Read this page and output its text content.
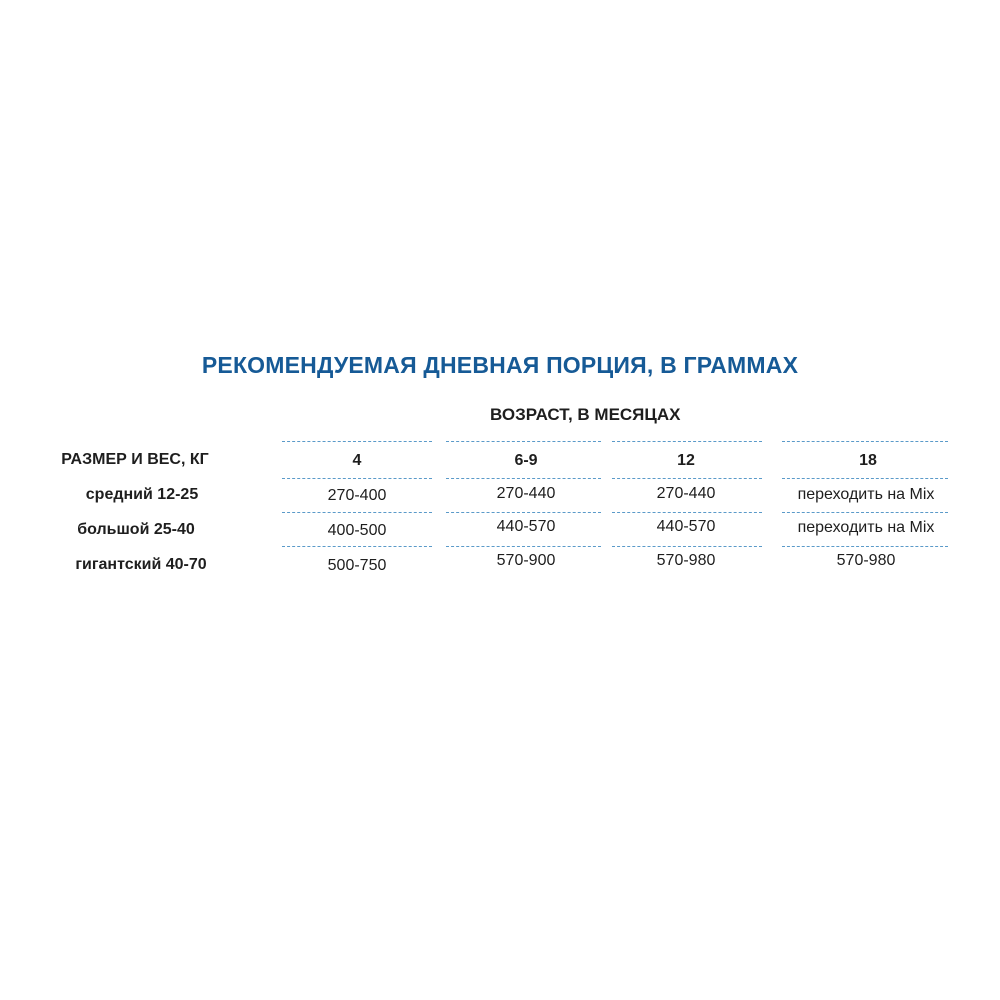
РЕКОМЕНДУЕМАЯ ДНЕВНАЯ ПОРЦИЯ, В ГРАММАХ
ВОЗРАСТ, В МЕСЯЦАХ
РАЗМЕР И ВЕС, КГ	4	6-9	12	18
средний 12-25	270-400	270-440	270-440	переходить на Mix
большой 25-40	400-500	440-570	440-570	переходить на Mix
гигантский 40-70	500-750	570-900	570-980	570-980
